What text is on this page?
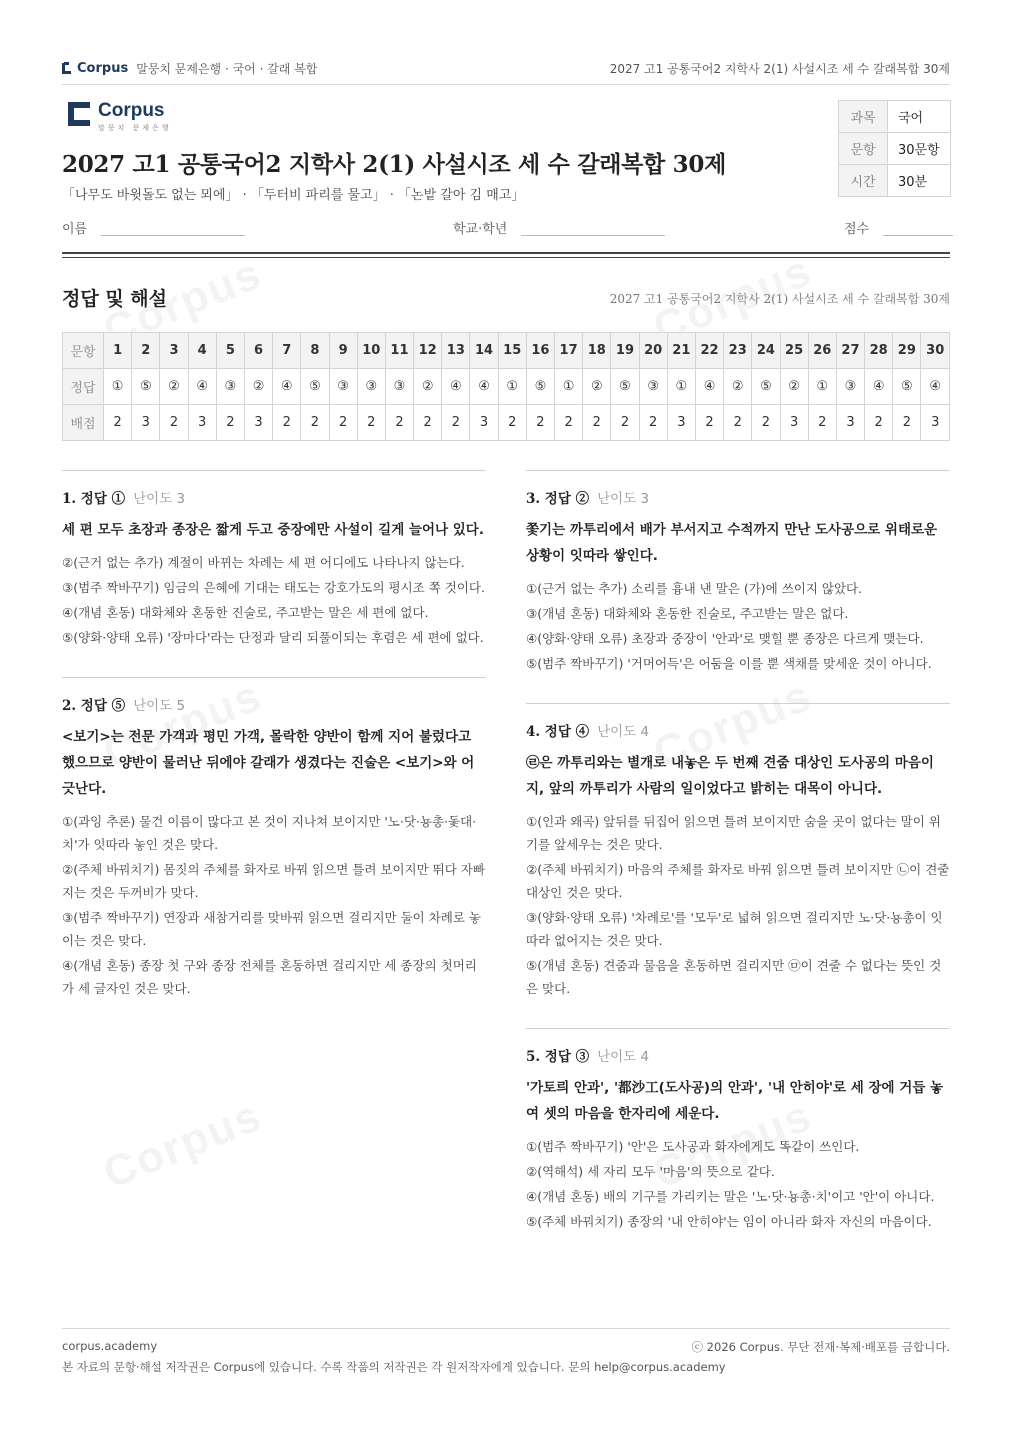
Corpus 말뭉치 문제은행 · 국어 · 갈래 복합	2027 고1 공통국어2 지학사 2(1) 사설시조 세 수 갈래복합 30제
Corpus
말뭉치 문제은행
과목	국어
문항	30문항
시간	30분
2027 고1 공통국어2 지학사 2(1) 사설시조 세 수 갈래복합 30제
「나무도 바윗돌도 없는 뫼에」 · 「두터비 파리를 물고」 · 「논밭 갈아 김 매고」
이름	학교·학년	점수
정답 및 해설	2027 고1 공통국어2 지학사 2(1) 사설시조 세 수 갈래복합 30제
문항	1	2	3	4	5	6	7	8	9	10	11	12	13	14	15	16	17	18	19	20	21	22	23	24	25	26	27	28	29	30
정답	①	⑤	②	④	③	②	④	⑤	③	③	③	②	④	④	①	⑤	①	②	⑤	③	①	④	②	⑤	②	①	③	④	⑤	④
배점	2	3	2	3	2	3	2	2	2	2	2	2	2	3	2	2	2	2	2	2	3	2	2	2	3	2	3	2	2	3
1. 정답 ① 난이도 3
세 편 모두 초장과 종장은 짧게 두고 중장에만 사설이 길게 늘어나 있다.
②(근거 없는 추가) 계절이 바뀌는 차례는 세 편 어디에도 나타나지 않는다.
③(범주 짝바꾸기) 임금의 은혜에 기대는 태도는 강호가도의 평시조 쪽 것이다.
④(개념 혼동) 대화체와 혼동한 진술로, 주고받는 말은 세 편에 없다.
⑤(양화·양태 오류) '장마다'라는 단정과 달리 되풀이되는 후렴은 세 편에 없다.
2. 정답 ⑤ 난이도 5
<보기>는 전문 가객과 평민 가객, 몰락한 양반이 함께 지어 불렀다고 했으므로 양반이 물러난 뒤에야 갈래가 생겼다는 진술은 <보기>와 어긋난다.
①(과잉 추론) 물건 이름이 많다고 본 것이 지나쳐 보이지만 '노·닷·뇽총·돛대·치'가 잇따라 놓인 것은 맞다.
②(주체 바꿔치기) 몸짓의 주체를 화자로 바꿔 읽으면 틀려 보이지만 뛰다 자빠지는 것은 두꺼비가 맞다.
③(범주 짝바꾸기) 연장과 새참거리를 맞바꿔 읽으면 걸리지만 둘이 차례로 놓이는 것은 맞다.
④(개념 혼동) 종장 첫 구와 종장 전체를 혼동하면 걸리지만 세 종장의 첫머리가 세 글자인 것은 맞다.
3. 정답 ② 난이도 3
쫓기는 까투리에서 배가 부서지고 수적까지 만난 도사공으로 위태로운 상황이 잇따라 쌓인다.
①(근거 없는 추가) 소리를 흉내 낸 말은 (가)에 쓰이지 않았다.
③(개념 혼동) 대화체와 혼동한 진술로, 주고받는 말은 없다.
④(양화·양태 오류) 초장과 중장이 '안과'로 맺힐 뿐 종장은 다르게 맺는다.
⑤(범주 짝바꾸기) '거머어득'은 어둠을 이를 뿐 색채를 맞세운 것이 아니다.
4. 정답 ④ 난이도 4
㉣은 까투리와는 별개로 내놓은 두 번째 견줌 대상인 도사공의 마음이지, 앞의 까투리가 사람의 일이었다고 밝히는 대목이 아니다.
①(인과 왜곡) 앞뒤를 뒤집어 읽으면 틀려 보이지만 숨을 곳이 없다는 말이 위기를 앞세우는 것은 맞다.
②(주체 바꿔치기) 마음의 주체를 화자로 바꿔 읽으면 틀려 보이지만 ㉡이 견줄 대상인 것은 맞다.
③(양화·양태 오류) '차례로'를 '모두'로 넓혀 읽으면 걸리지만 노·닷·뇽총이 잇따라 없어지는 것은 맞다.
⑤(개념 혼동) 견줌과 물음을 혼동하면 걸리지만 ㉤이 견줄 수 없다는 뜻인 것은 맞다.
5. 정답 ③ 난이도 4
'가토릐 안과', '都沙工(도사공)의 안과', '내 안히야'로 세 장에 거듭 놓여 셋의 마음을 한자리에 세운다.
①(범주 짝바꾸기) '안'은 도사공과 화자에게도 똑같이 쓰인다.
②(역해석) 세 자리 모두 '마음'의 뜻으로 같다.
④(개념 혼동) 배의 기구를 가리키는 말은 '노·닷·뇽총·치'이고 '안'이 아니다.
⑤(주체 바꿔치기) 종장의 '내 안히야'는 임이 아니라 화자 자신의 마음이다.
corpus.academy	ⓒ 2026 Corpus. 무단 전재·복제·배포를 금합니다.
본 자료의 문항·해설 저작권은 Corpus에 있습니다. 수록 작품의 저작권은 각 원저작자에게 있습니다. 문의 help@corpus.academy
